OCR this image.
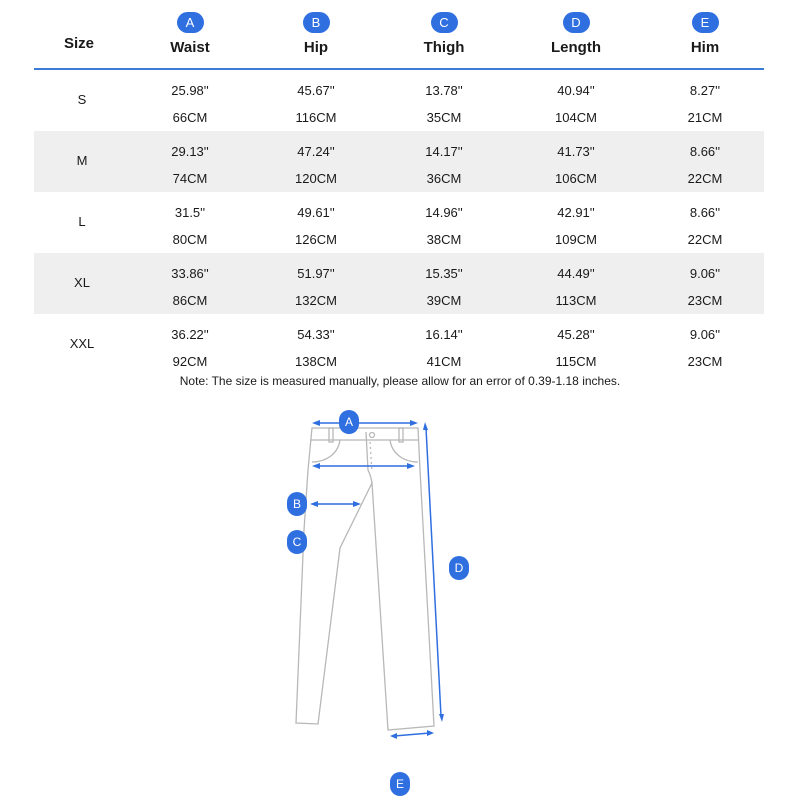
Size
A
Waist
B
Hip
C
Thigh
D
Length
E
Him
S
25.98''
66CM
45.67''
116CM
13.78''
35CM
40.94''
104CM
8.27''
21CM
M
29.13''
74CM
47.24''
120CM
14.17''
36CM
41.73''
106CM
8.66''
22CM
L
31.5''
80CM
49.61''
126CM
14.96''
38CM
42.91''
109CM
8.66''
22CM
XL
33.86''
86CM
51.97''
132CM
15.35''
39CM
44.49''
113CM
9.06''
23CM
XXL
36.22''
92CM
54.33''
138CM
16.14''
41CM
45.28''
115CM
9.06''
23CM
Note: The size is measured manually, please allow for an error of 0.39-1.18 inches.
A
B
C
D
E
